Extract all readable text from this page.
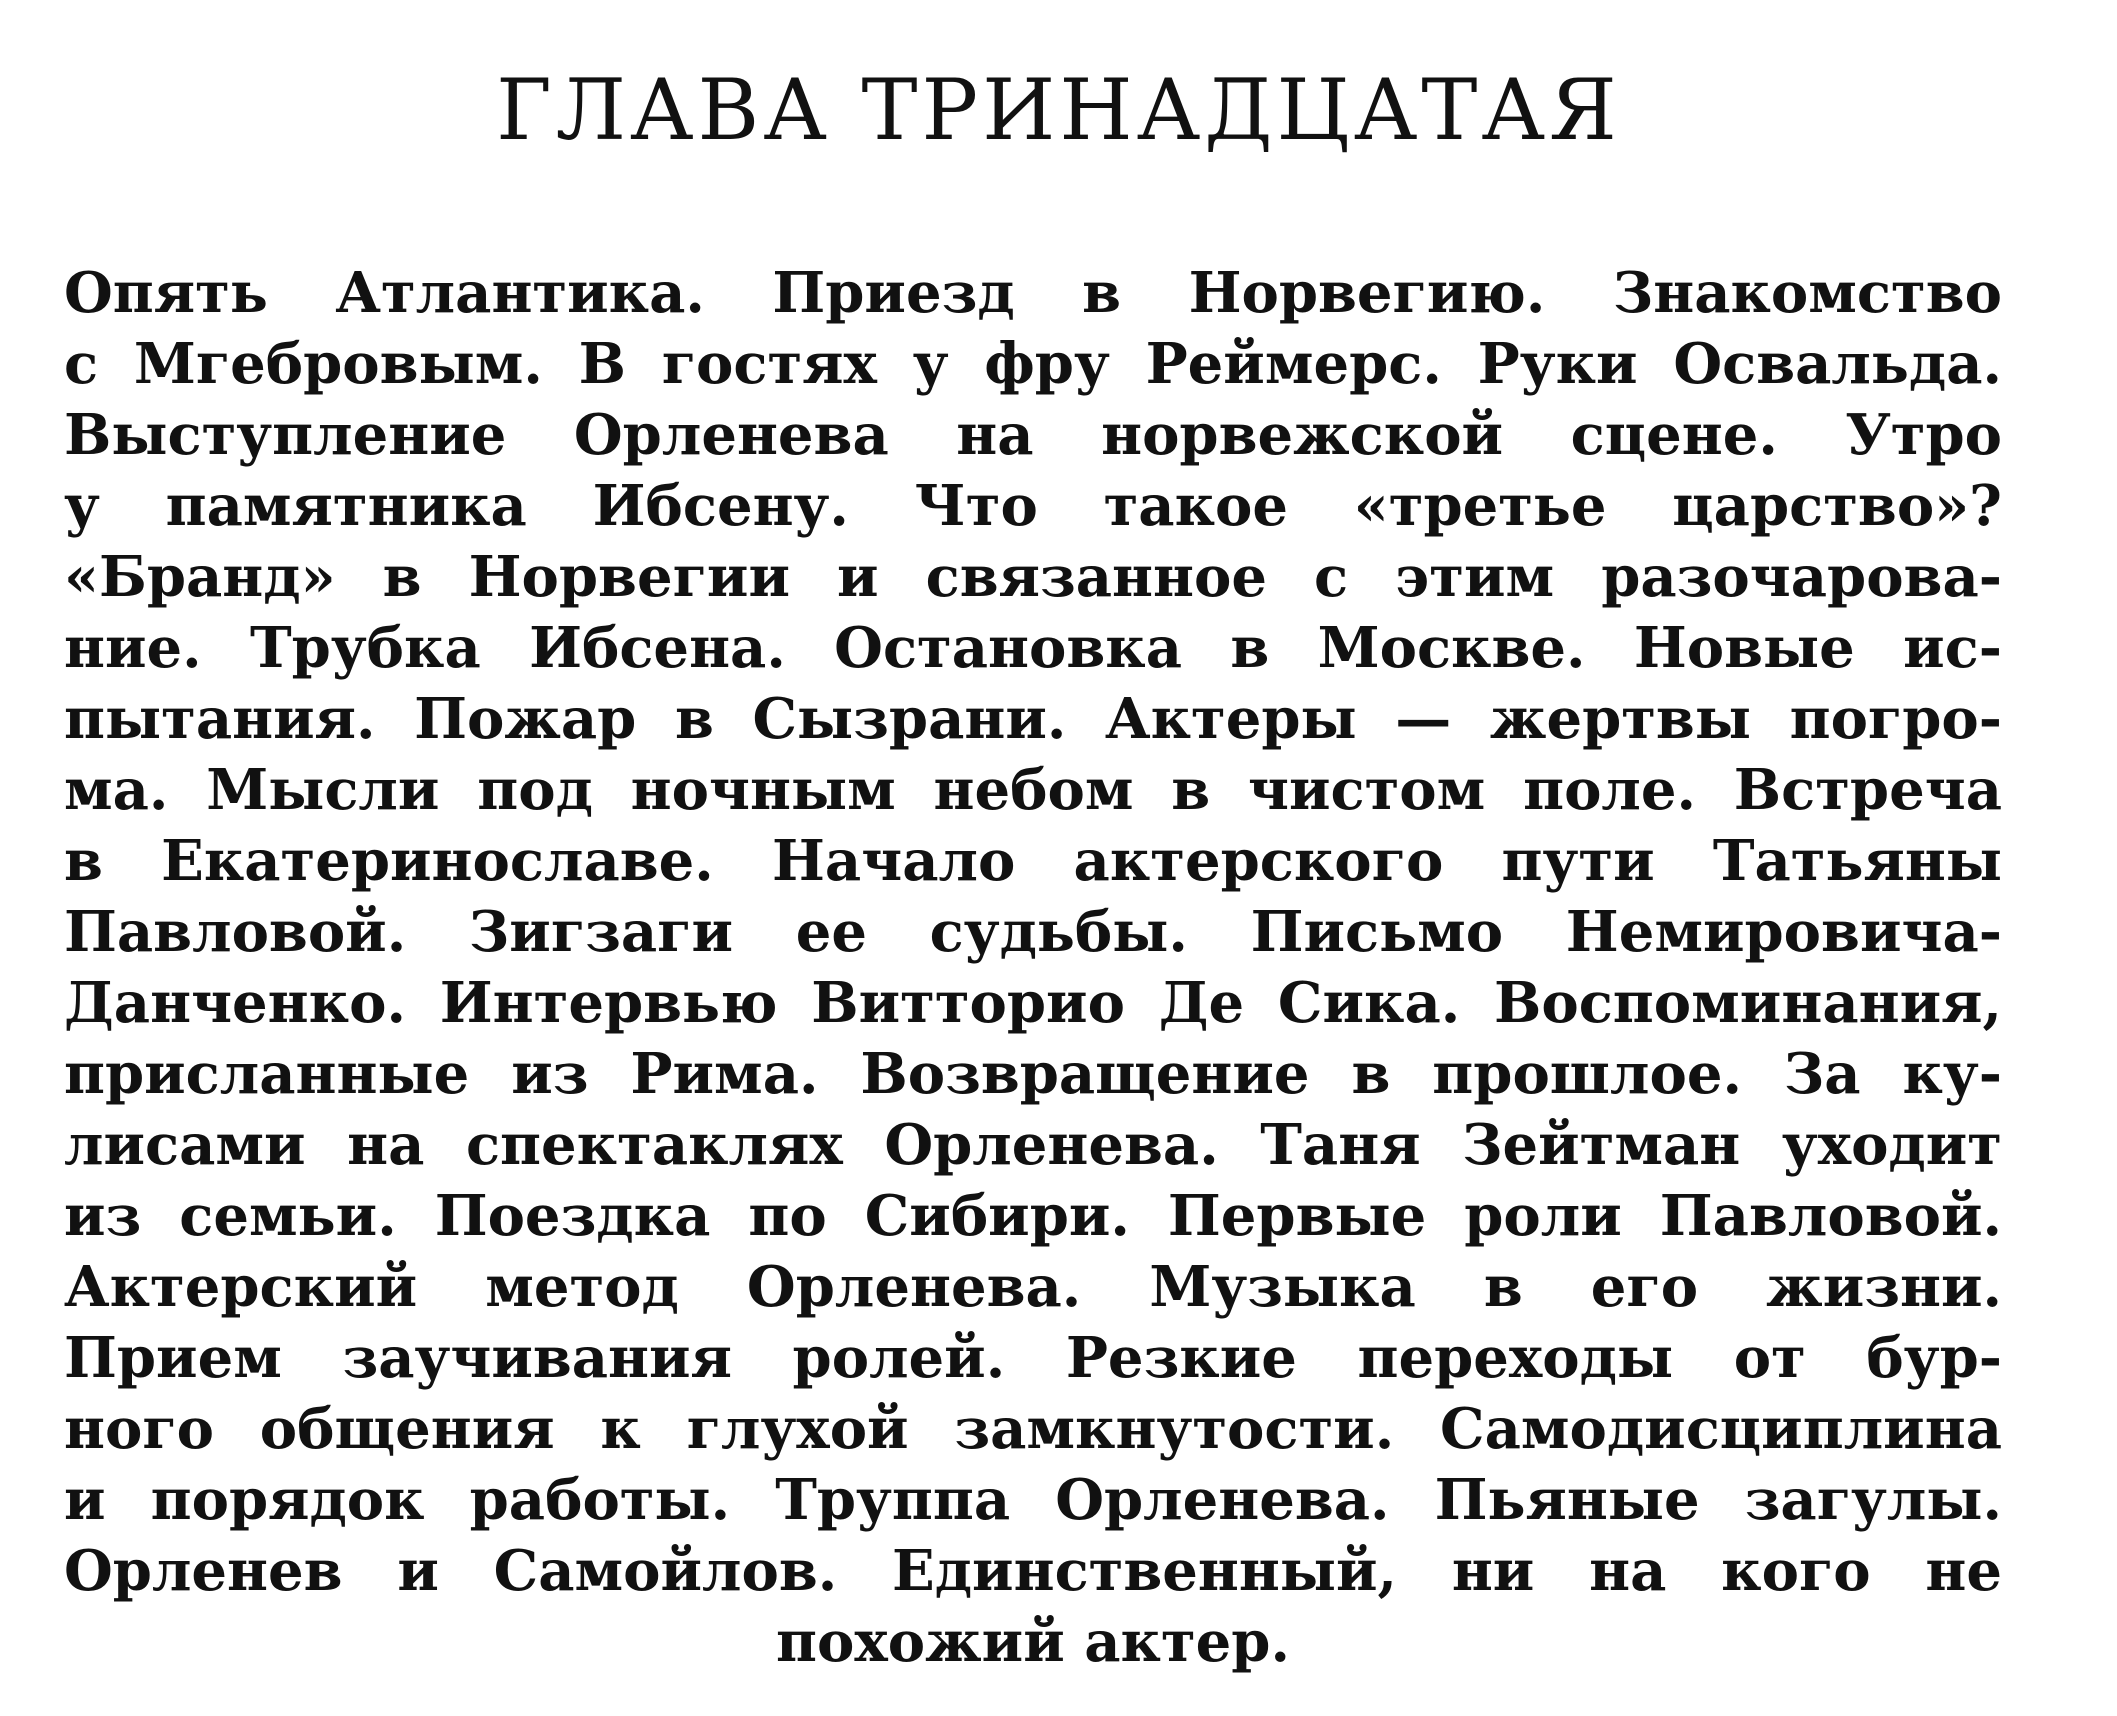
ГЛАВА ТРИНАДЦАТАЯ
Опять Атлантика. Приезд в Норвегию. Знакомство
с Мгебровым. В гостях у фру Реймерс. Руки Освальда.
Выступление Орленева на норвежской сцене. Утро
у памятника Ибсену. Что такое «третье царство»?
«Бранд» в Норвегии и связанное с этим разочарова-
ние. Трубка Ибсена. Остановка в Москве. Новые ис-
пытания. Пожар в Сызрани. Актеры — жертвы погро-
ма. Мысли под ночным небом в чистом поле. Встреча
в Екатеринославе. Начало актерского пути Татьяны
Павловой. Зигзаги ее судьбы. Письмо Немировича-
Данченко. Интервью Витторио Де Сика. Воспоминания,
присланные из Рима. Возвращение в прошлое. За ку-
лисами на спектаклях Орленева. Таня Зейтман уходит
из семьи. Поездка по Сибири. Первые роли Павловой.
Актерский метод Орленева. Музыка в его жизни.
Прием заучивания ролей. Резкие переходы от бур-
ного общения к глухой замкнутости. Самодисциплина
и порядок работы. Труппа Орленева. Пьяные загулы.
Орленев и Самойлов. Единственный, ни на кого не
похожий актер.
